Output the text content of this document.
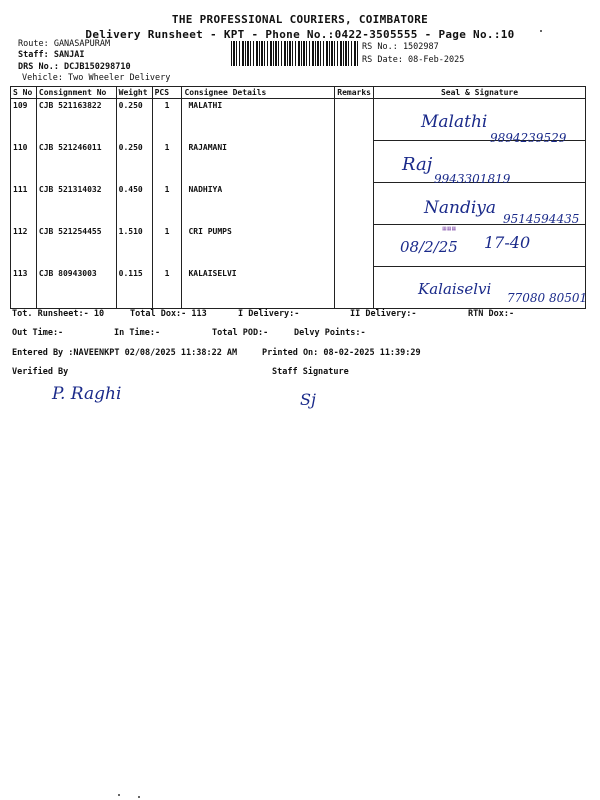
THE PROFESSIONAL COURIERS, COIMBATORE
Delivery Runsheet - KPT - Phone No.:0422-3505555 - Page No.:10
Route: GANASAPURAM
Staff: SANJAI
DRS No.: DCJB150298710
Vehicle: Two Wheeler Delivery
RS No.: 1502987
RS Date: 08-Feb-2025
S No	Consignment No	Weight	PCS	Consignee Details	Remarks	Seal & Signature
109	CJB 521163822	0.250	1	MALATHI		
110	CJB 521246011	0.250	1	RAJAMANI		
111	CJB 521314032	0.450	1	NADHIYA		
112	CJB 521254455	1.510	1	CRI PUMPS		
113	CJB 80943003	0.115	1	KALAISELVI		
Malathi
9894239529
Raj
9943301819
Nandiya
9514594435
▦▦▦
08/2/25 17-40
Kalaiselvi 77080 80501
Tot. Runsheet:- 10	Total Dox:- 113	I Delivery:-	II Delivery:-	RTN Dox:-
Out Time:-	In Time:-	Total POD:-	Delvy Points:-
Entered By :NAVEENKPT 02/08/2025 11:38:22 AM	Printed On: 08-02-2025 11:39:29
Verified By	Staff Signature
P. Raghi	Sj
